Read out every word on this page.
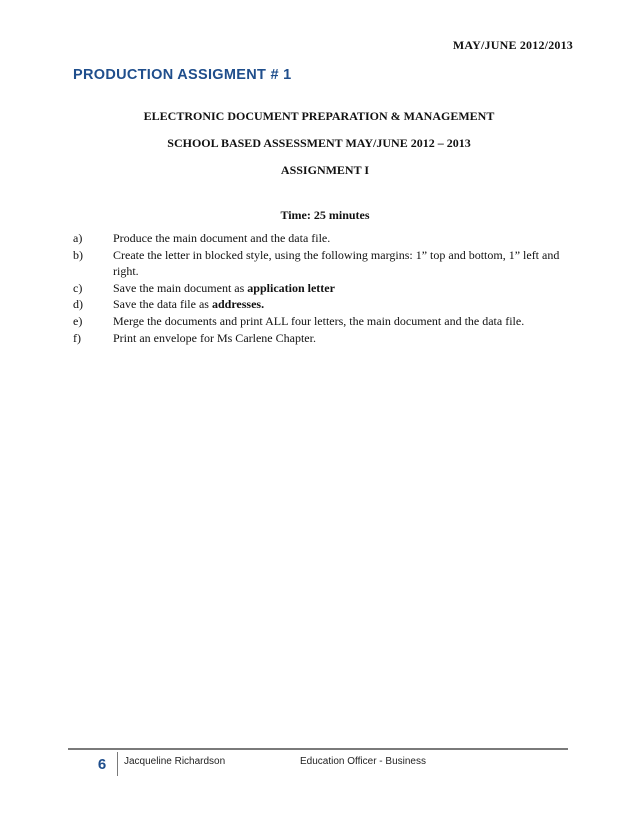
MAY/JUNE 2012/2013
PRODUCTION ASSIGMENT # 1
ELECTRONIC DOCUMENT PREPARATION & MANAGEMENT
SCHOOL BASED ASSESSMENT MAY/JUNE 2012 – 2013
ASSIGNMENT I
Time: 25 minutes
a)	Produce the main document and the data file.
b)	Create the letter in blocked style, using the following margins: 1” top and bottom, 1” left and right.
c)	Save the main document as application letter
d)	Save the data file as addresses.
e)	Merge the documents and print ALL four letters, the main document and the data file.
f)	Print an envelope for Ms Carlene Chapter.
6	Jacqueline Richardson	Education Officer - Business
